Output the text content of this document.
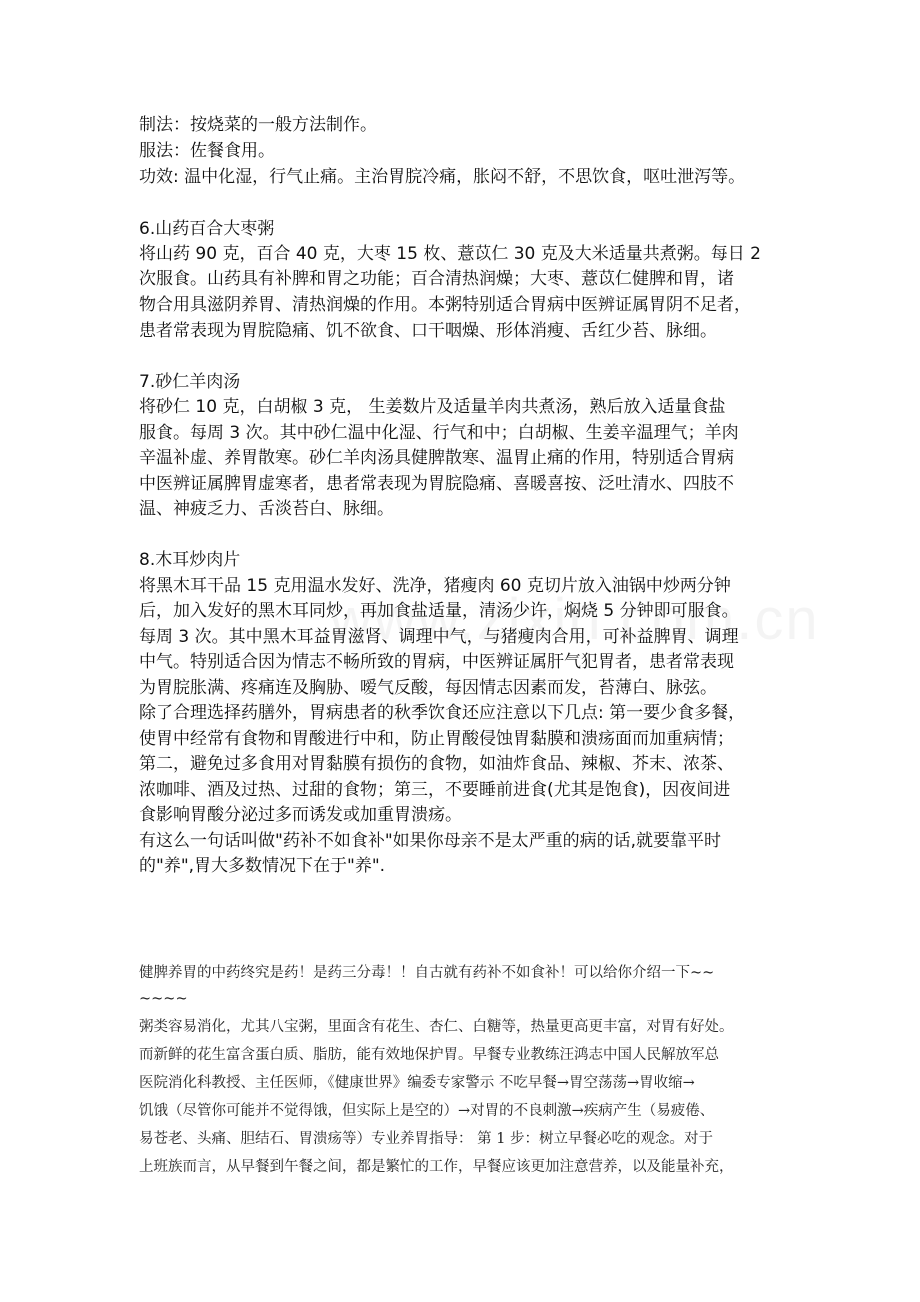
制法：按烧菜的一般方法制作。
服法：佐餐食用。
功效: 温中化湿，行气止痛。主治胃脘冷痛，胀闷不舒，不思饮食，呕吐泄泻等。
6.山药百合大枣粥
将山药 90 克，百合 40 克，大枣 15 枚、薏苡仁 30 克及大米适量共煮粥。每日 2
次服食。山药具有补脾和胃之功能；百合清热润燥；大枣、薏苡仁健脾和胃，诸
物合用具滋阴养胃、清热润燥的作用。本粥特别适合胃病中医辨证属胃阴不足者，
患者常表现为胃脘隐痛、饥不欲食、口干咽燥、形体消瘦、舌红少苔、脉细。
7.砂仁羊肉汤
将砂仁 10 克，白胡椒 3 克， 生姜数片及适量羊肉共煮汤，熟后放入适量食盐
服食。每周 3 次。其中砂仁温中化湿、行气和中；白胡椒、生姜辛温理气；羊肉
辛温补虚、养胃散寒。砂仁羊肉汤具健脾散寒、温胃止痛的作用，特别适合胃病
中医辨证属脾胃虚寒者，患者常表现为胃脘隐痛、喜暖喜按、泛吐清水、四肢不
温、神疲乏力、舌淡苔白、脉细。
8.木耳炒肉片
将黑木耳干品 15 克用温水发好、洗净，猪瘦肉 60 克切片放入油锅中炒两分钟
后，加入发好的黑木耳同炒，再加食盐适量，清汤少许，焖烧 5 分钟即可服食。
每周 3 次。其中黑木耳益胃滋肾、调理中气，与猪瘦肉合用，可补益脾胃、调理
中气。特别适合因为情志不畅所致的胃病，中医辨证属肝气犯胃者，患者常表现
为胃脘胀满、疼痛连及胸胁、嗳气反酸，每因情志因素而发，苔薄白、脉弦。
除了合理选择药膳外，胃病患者的秋季饮食还应注意以下几点: 第一要少食多餐，
使胃中经常有食物和胃酸进行中和，防止胃酸侵蚀胃黏膜和溃疡面而加重病情；
第二，避免过多食用对胃黏膜有损伤的食物，如油炸食品、辣椒、芥末、浓茶、
浓咖啡、酒及过热、过甜的食物；第三，不要睡前进食(尤其是饱食)，因夜间进
食影响胃酸分泌过多而诱发或加重胃溃疡。
有这么一句话叫做"药补不如食补"如果你母亲不是太严重的病的话,就要靠平时
的"养",胃大多数情况下在于"养".
健脾养胃的中药终究是药！是药三分毒！！自古就有药补不如食补！可以给你介绍一下~~
~~~~
粥类容易消化，尤其八宝粥，里面含有花生、杏仁、白糖等，热量更高更丰富，对胃有好处。
而新鲜的花生富含蛋白质、脂肪，能有效地保护胃。早餐专业教练汪鸿志中国人民解放军总
医院消化科教授、主任医师，《健康世界》编委专家警示 不吃早餐→胃空荡荡→胃收缩→
饥饿（尽管你可能并不觉得饿，但实际上是空的）→对胃的不良刺激→疾病产生（易疲倦、
易苍老、头痛、胆结石、胃溃疡等）专业养胃指导： 第 1 步：树立早餐必吃的观念。对于
上班族而言，从早餐到午餐之间，都是繁忙的工作，早餐应该更加注意营养，以及能量补充，
